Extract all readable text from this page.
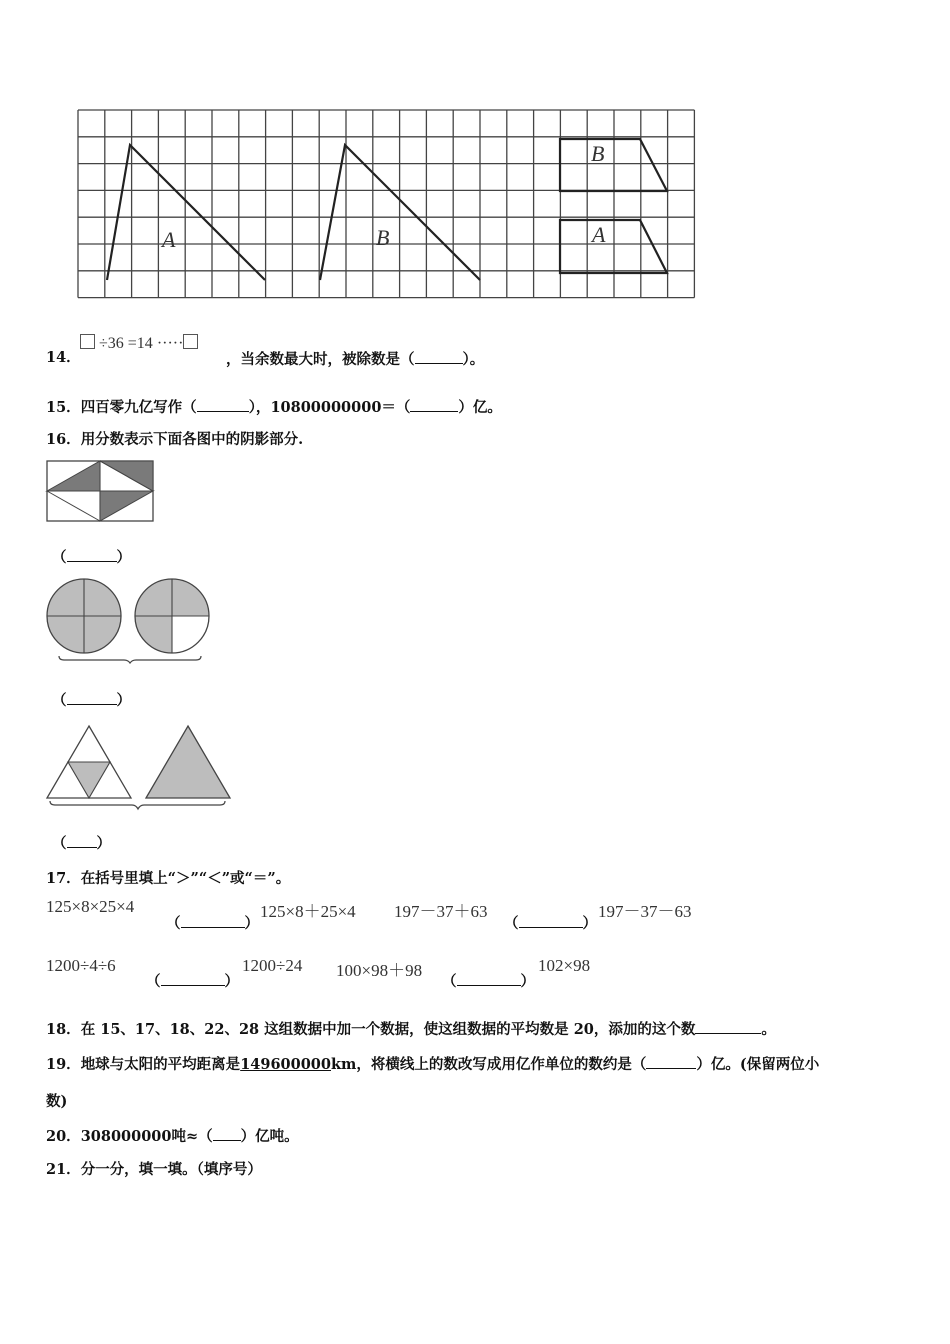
A	B
B
A
14．
÷36 =14 ·····
，当余数最大时，被除数是（	）。
15．四百零九亿写作（	），10800000000＝（	）亿。
16．用分数表示下面各图中的阴影部分.
（	）
（	）
（ ）
17．在括号里填上“＞”“＜”或“＝”。
125×8×25×4
（	）
125×8＋25×4 197－37＋63
（	）
197－37－63
1200÷4÷6
（	）
1200÷24 100×98＋98
（	）
102×98
18．在 15、17、18、22、28 这组数据中加一个数据，使这组数据的平均数是 20，添加的这个数	。
19．地球与太阳的平均距离是149600000km，将横线上的数改写成用亿作单位的数约是（	）亿。(保留两位小
数)
20．308000000吨≈（ ）亿吨。
21．分一分，填一填。（填序号）
